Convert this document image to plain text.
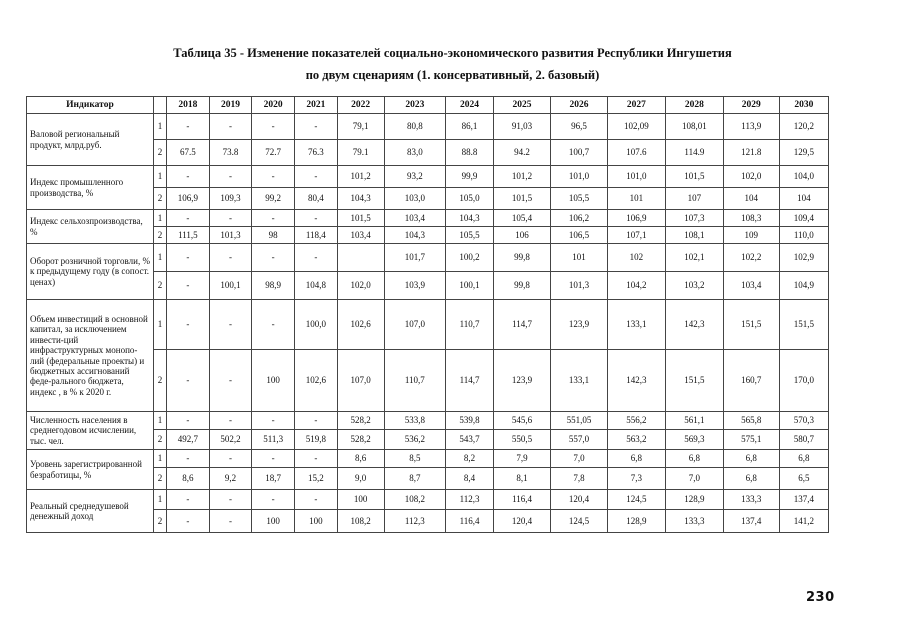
Таблица 35 - Изменение показателей социально-экономического развития Республики Ингушетия
по двум сценариям (1. консервативный, 2. базовый)
Индикатор		2018	2019	2020	2021	2022	2023	2024	2025	2026	2027	2028	2029	2030
Валовой региональный продукт, млрд.руб.	1	-	-	-	-	79,1	80,8	86,1	91,03	96,5	102,09	108,01	113,9	120,2
	2	67.5	73.8	72.7	76.3	79.1	83,0	88.8	94.2	100,7	107.6	114.9	121.8	129,5
Индекс промышленного производства, %	1	-	-	-	-	101,2	93,2	99,9	101,2	101,0	101,0	101,5	102,0	104,0
	2	106,9	109,3	99,2	80,4	104,3	103,0	105,0	101,5	105,5	101	107	104	104
Индекс сельхозпроизводства, %	1	-	-	-	-	101,5	103,4	104,3	105,4	106,2	106,9	107,3	108,3	109,4
	2	111,5	101,3	98	118,4	103,4	104,3	105,5	106	106,5	107,1	108,1	109	110,0
Оборот розничной торговли, % к предыдущему году (в сопост. ценах)	1	-	-	-	-		101,7	100,2	99,8	101	102	102,1	102,2	102,9
	2	-	100,1	98,9	104,8	102,0	103,9	100,1	99,8	101,3	104,2	103,2	103,4	104,9
Объем инвестиций в основной капитал, за исключением инвести-ций инфраструктурных монопо-лий (федеральные проекты) и бюджетных ассигнований феде-рального бюджета, индекс , в % к 2020 г.	1	-	-	-	100,0	102,6	107,0	110,7	114,7	123,9	133,1	142,3	151,5	151,5
	2	-	-	100	102,6	107,0	110,7	114,7	123,9	133,1	142,3	151,5	160,7	170,0
Численность населения в среднегодовом исчислении, тыс. чел.	1	-	-	-	-	528,2	533,8	539,8	545,6	551,05	556,2	561,1	565,8	570,3
	2	492,7	502,2	511,3	519,8	528,2	536,2	543,7	550,5	557,0	563,2	569,3	575,1	580,7
Уровень зарегистрированной безработицы, %	1	-	-	-	-	8,6	8,5	8,2	7,9	7,0	6,8	6,8	6,8	6,8
	2	8,6	9,2	18,7	15,2	9,0	8,7	8,4	8,1	7,8	7,3	7,0	6,8	6,5
Реальный среднедушевой денежный доход	1	-	-	-	-	100	108,2	112,3	116,4	120,4	124,5	128,9	133,3	137,4
	2	-	-	100	100	108,2	112,3	116,4	120,4	124,5	128,9	133,3	137,4	141,2
230
